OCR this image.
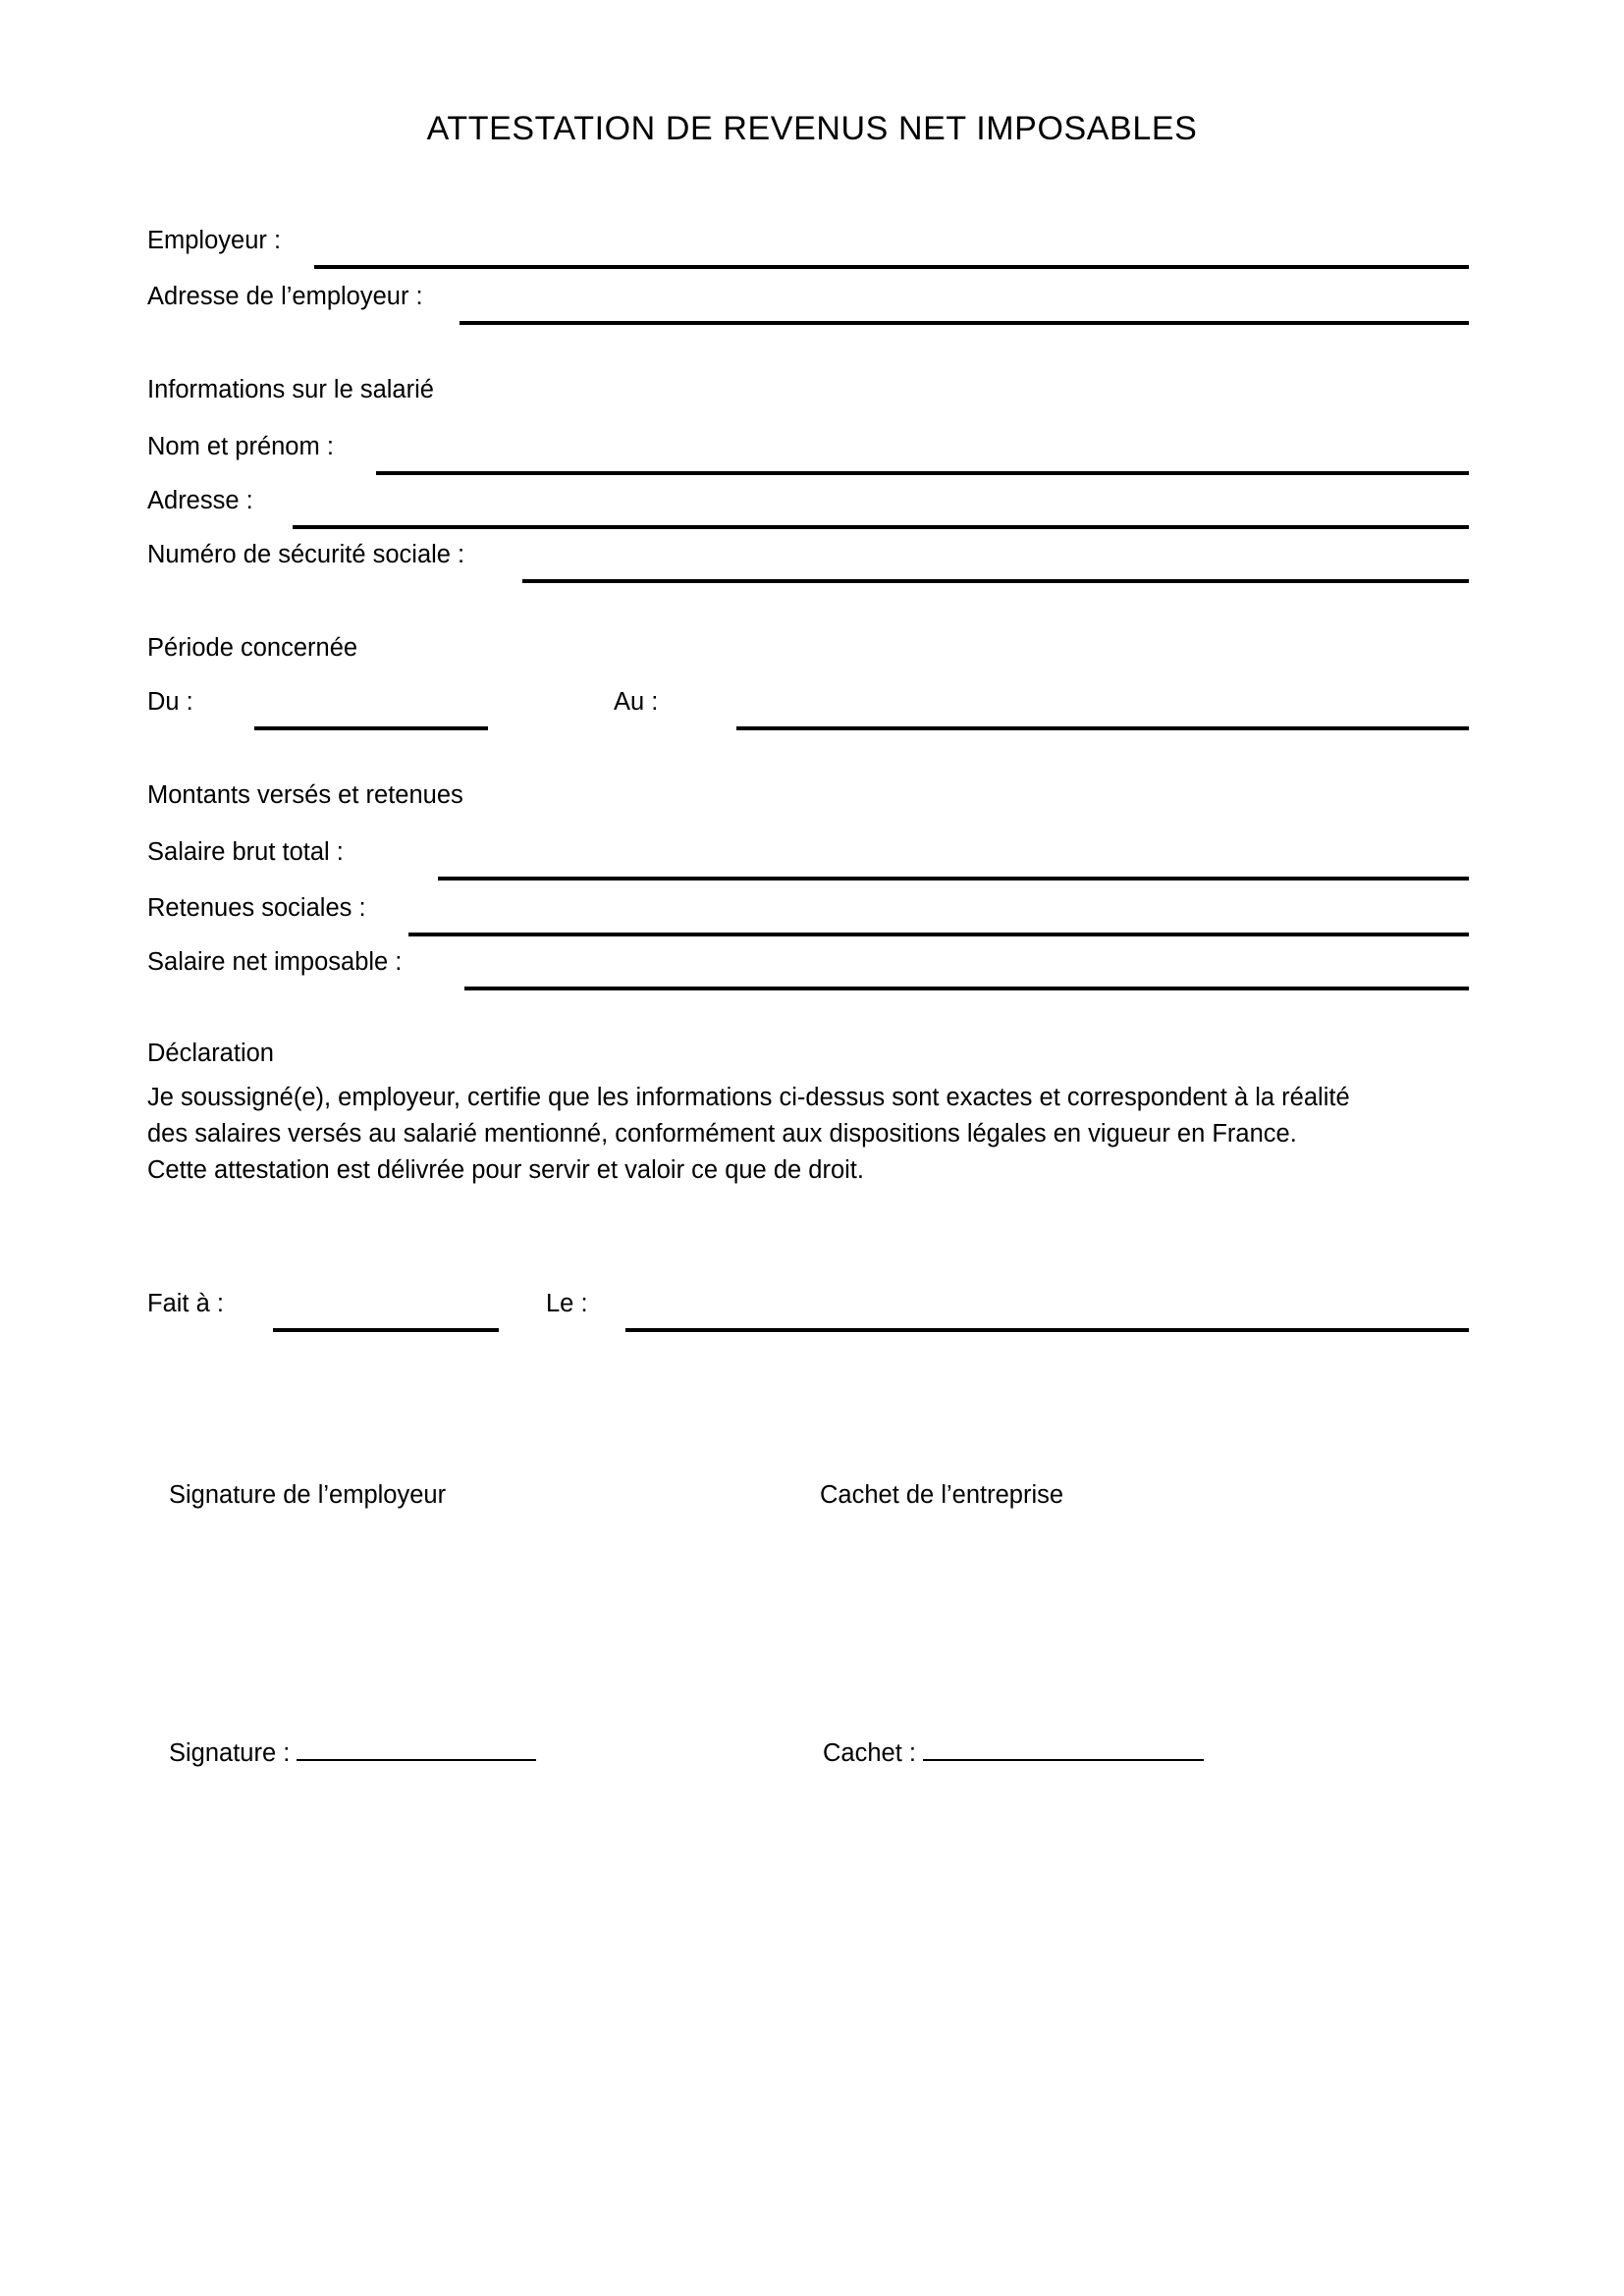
ATTESTATION DE REVENUS NET IMPOSABLES
Employeur :
Adresse de l’employeur :
Informations sur le salarié
Nom et prénom :
Adresse :
Numéro de sécurité sociale :
Période concernée
Du :	Au :
Montants versés et retenues
Salaire brut total :
Retenues sociales :
Salaire net imposable :
Déclaration
Je soussigné(e), employeur, certifie que les informations ci-dessus sont exactes et correspondent à la réalité
des salaires versés au salarié mentionné, conformément aux dispositions légales en vigueur en France.
Cette attestation est délivrée pour servir et valoir ce que de droit.
Fait à :	Le :
Signature de l’employeur	Cachet de l’entreprise
Signature :	Cachet :
